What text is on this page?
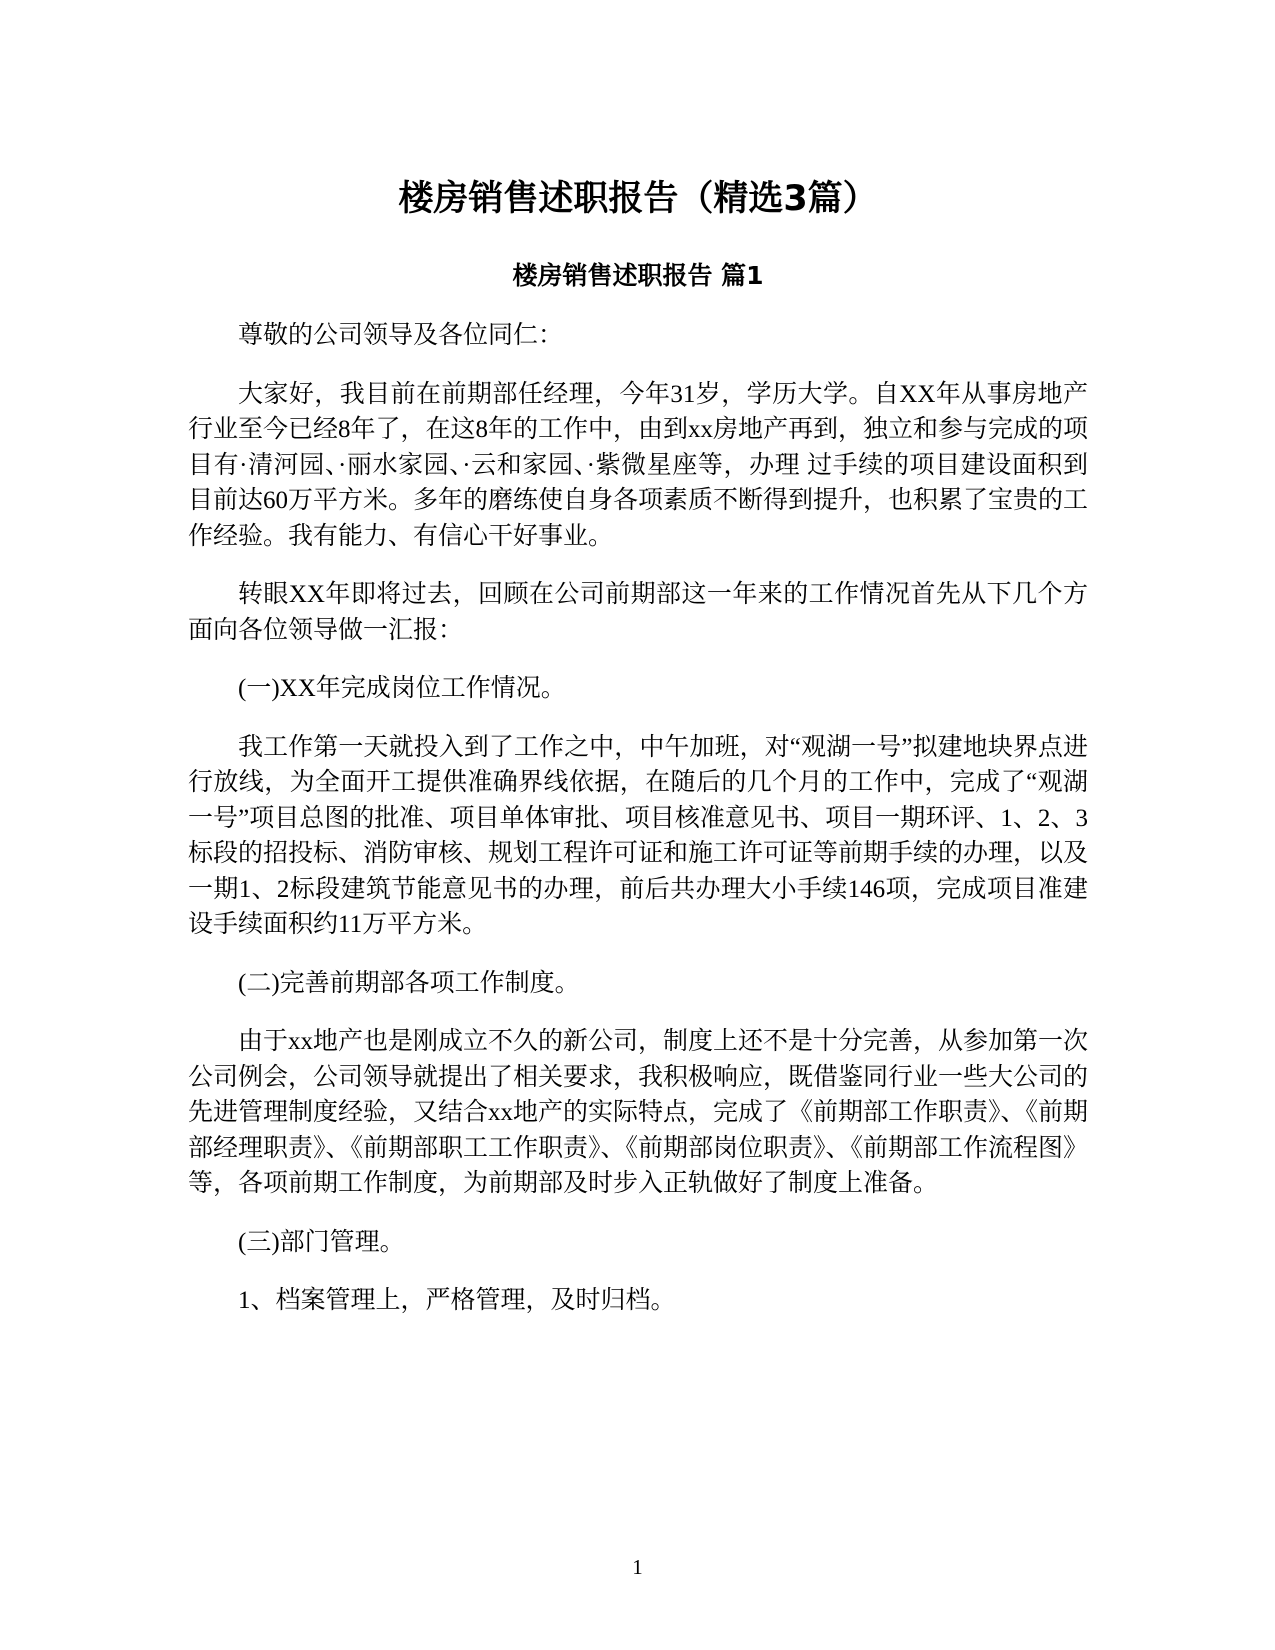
楼房销售述职报告（精选3篇）
楼房销售述职报告 篇1

尊敬的公司领导及各位同仁：

大家好，我目前在前期部任经理，今年31岁，学历大学。自XX年从事房地产行业至今已经8年了，在这8年的工作中，由到xx房地产再到，独立和参与完成的项目有·清河园、·丽水家园、·云和家园、·紫微星座等，办理 过手续的项目建设面积到目前达60万平方米。多年的磨练使自身各项素质不断得到提升，也积累了宝贵的工作经验。我有能力、有信心干好事业。

转眼XX年即将过去，回顾在公司前期部这一年来的工作情况首先从下几个方面向各位领导做一汇报：

(一)XX年完成岗位工作情况。

我工作第一天就投入到了工作之中，中午加班，对“观湖一号”拟建地块界点进行放线，为全面开工提供准确界线依据，在随后的几个月的工作中，完成了“观湖一号”项目总图的批准、项目单体审批、项目核准意见书、项目一期环评、1、2、3标段的招投标、消防审核、规划工程许可证和施工许可证等前期手续的办理，以及一期1、2标段建筑节能意见书的办理，前后共办理大小手续146项，完成项目准建设手续面积约11万平方米。

(二)完善前期部各项工作制度。

由于xx地产也是刚成立不久的新公司，制度上还不是十分完善，从参加第一次公司例会，公司领导就提出了相关要求，我积极响应，既借鉴同行业一些大公司的先进管理制度经验，又结合xx地产的实际特点，完成了《前期部工作职责》、《前期部经理职责》、《前期部职工工作职责》、《前期部岗位职责》、《前期部工作流程图》等，各项前期工作制度，为前期部及时步入正轨做好了制度上准备。

(三)部门管理。

1、档案管理上，严格管理，及时归档。

1
